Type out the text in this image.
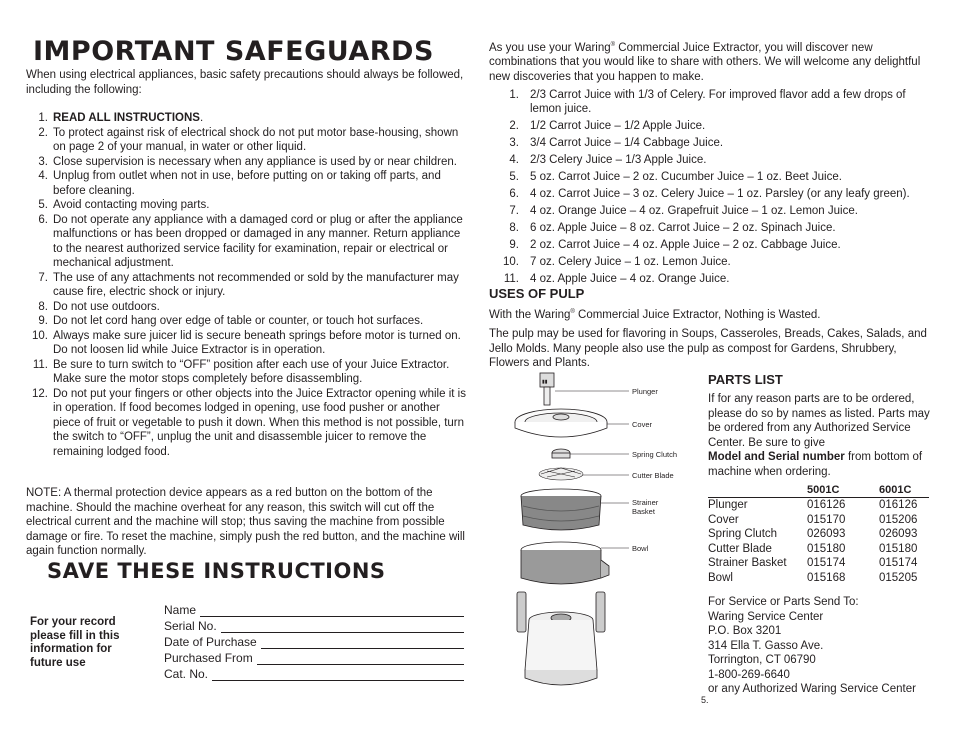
IMPORTANT SAFEGUARDS

When using electrical appliances, basic safety precautions should always be followed, including the following:

1. READ ALL INSTRUCTIONS.
2. To protect against risk of electrical shock do not put motor base-housing, shown on page 2 of your manual, in water or other liquid.
3. Close supervision is necessary when any appliance is used by or near children.
4. Unplug from outlet when not in use, before putting on or taking off parts, and before cleaning.
5. Avoid contacting moving parts.
6. Do not operate any appliance with a damaged cord or plug or after the appliance malfunctions or has been dropped or damaged in any manner. Return appliance to the nearest authorized service facility for examination, repair or electrical or mechanical adjustment.
7. The use of any attachments not recommended or sold by the manufacturer may cause fire, electric shock or injury.
8. Do not use outdoors.
9. Do not let cord hang over edge of table or counter, or touch hot surfaces.
10. Always make sure juicer lid is secure beneath springs before motor is turned on. Do not loosen lid while Juice Extractor is in operation.
11. Be sure to turn switch to “OFF” position after each use of your Juice Extractor. Make sure the motor stops completely before disassembling.
12. Do not put your fingers or other objects into the Juice Extractor opening while it is in operation. If food becomes lodged in opening, use food pusher or another piece of fruit or vegetable to push it down. When this method is not possible, turn the switch to “OFF”, unplug the unit and disassemble juicer to remove the remaining lodged food.

NOTE: A thermal protection device appears as a red button on the bottom of the machine. Should the machine overheat for any reason, this switch will cut off the electrical current and the machine will stop; thus saving the machine from possible damage or fire. To reset the machine, simply push the red button, and the machine will again function normally.

SAVE THESE INSTRUCTIONS
For your record please fill in this information for future use
Name
Serial No.
Date of Purchase
Purchased From
Cat. No.

As you use your Waring® Commercial Juice Extractor, you will discover new combinations that you would like to share with others. We will welcome any delightful new discoveries that you happen to make.

1. 2/3 Carrot Juice with 1/3 of Celery. For improved flavor add a few drops of lemon juice.
2. 1/2 Carrot Juice – 1/2 Apple Juice.
3. 3/4 Carrot Juice – 1/4 Cabbage Juice.
4. 2/3 Celery Juice – 1/3 Apple Juice.
5. 5 oz. Carrot Juice – 2 oz. Cucumber Juice – 1 oz. Beet Juice.
6. 4 oz. Carrot Juice – 3 oz. Celery Juice – 1 oz. Parsley (or any leafy green).
7. 4 oz. Orange Juice – 4 oz. Grapefruit Juice – 1 oz. Lemon Juice.
8. 6 oz. Apple Juice – 8 oz. Carrot Juice – 2 oz. Spinach Juice.
9. 2 oz. Carrot Juice – 4 oz. Apple Juice – 2 oz. Cabbage Juice.
10. 7 oz. Celery Juice – 1 oz. Lemon Juice.
11. 4 oz. Apple Juice – 4 oz. Orange Juice.
USES OF PULP

With the Waring® Commercial Juice Extractor, Nothing is Wasted.

The pulp may be used for flavoring in Soups, Casseroles, Breads, Cakes, Salads, and Jello Molds. Many people also use the pulp as compost for Gardens, Shrubbery, Flowers and Plants.

▮▮
Plunger
Cover
Spring Clutch
Cutter Blade
Strainer Basket
Bowl
PARTS LIST

If for any reason parts are to be ordered, please do so by names as listed. Parts may be ordered from any Authorized Service Center. Be sure to give
Model and Serial number from bottom of machine when ordering.

	5001C	6001C
Plunger	016126	016126
Cover	015170	015206
Spring Clutch	026093	026093
Cutter Blade	015180	015180
Strainer Basket	015174	015174
Bowl	015168	015205

For Service or Parts Send To:

Waring Service Center

P.O. Box 3201

314 Ella T. Gasso Ave.

Torrington, CT 06790

1-800-269-6640

or any Authorized Waring Service Center

5.
